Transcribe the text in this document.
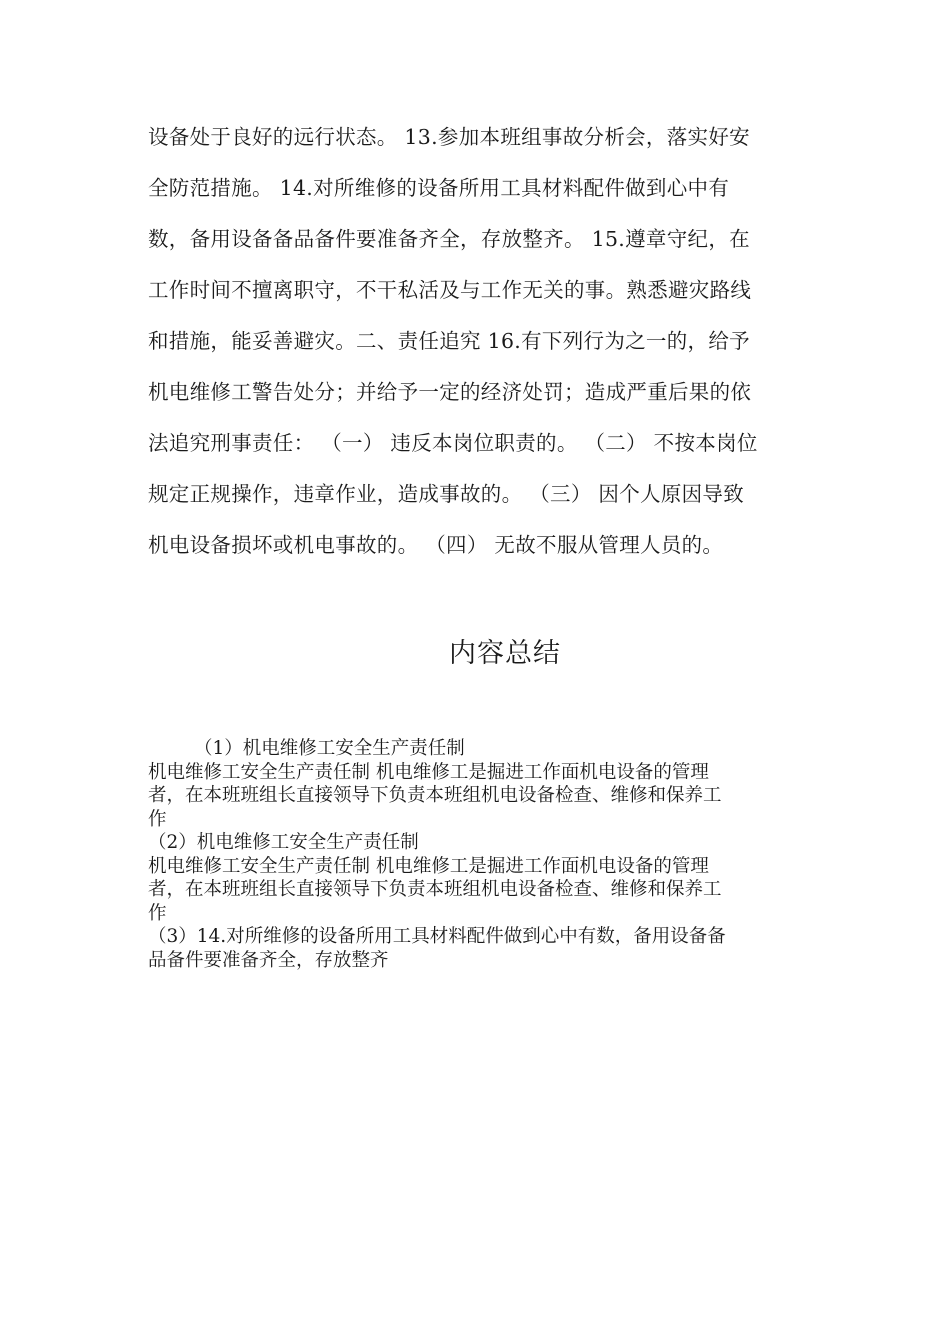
设备处于良好的远行状态。 13.参加本班组事故分析会，落实好安
全防范措施。 14.对所维修的设备所用工具材料配件做到心中有
数，备用设备备品备件要准备齐全，存放整齐。 15.遵章守纪，在
工作时间不擅离职守，不干私活及与工作无关的事。熟悉避灾路线
和措施，能妥善避灾。二、责任追究 16.有下列行为之一的，给予
机电维修工警告处分；并给予一定的经济处罚；造成严重后果的依
法追究刑事责任： （一） 违反本岗位职责的。 （二） 不按本岗位
规定正规操作，违章作业，造成事故的。 （三） 因个人原因导致
机电设备损坏或机电事故的。 （四） 无故不服从管理人员的。
内容总结
（1）机电维修工安全生产责任制
机电维修工安全生产责任制 机电维修工是掘进工作面机电设备的管理
者，在本班班组长直接领导下负责本班组机电设备检查、维修和保养工
作
（2）机电维修工安全生产责任制
机电维修工安全生产责任制 机电维修工是掘进工作面机电设备的管理
者，在本班班组长直接领导下负责本班组机电设备检查、维修和保养工
作
（3）14.对所维修的设备所用工具材料配件做到心中有数，备用设备备
品备件要准备齐全，存放整齐
